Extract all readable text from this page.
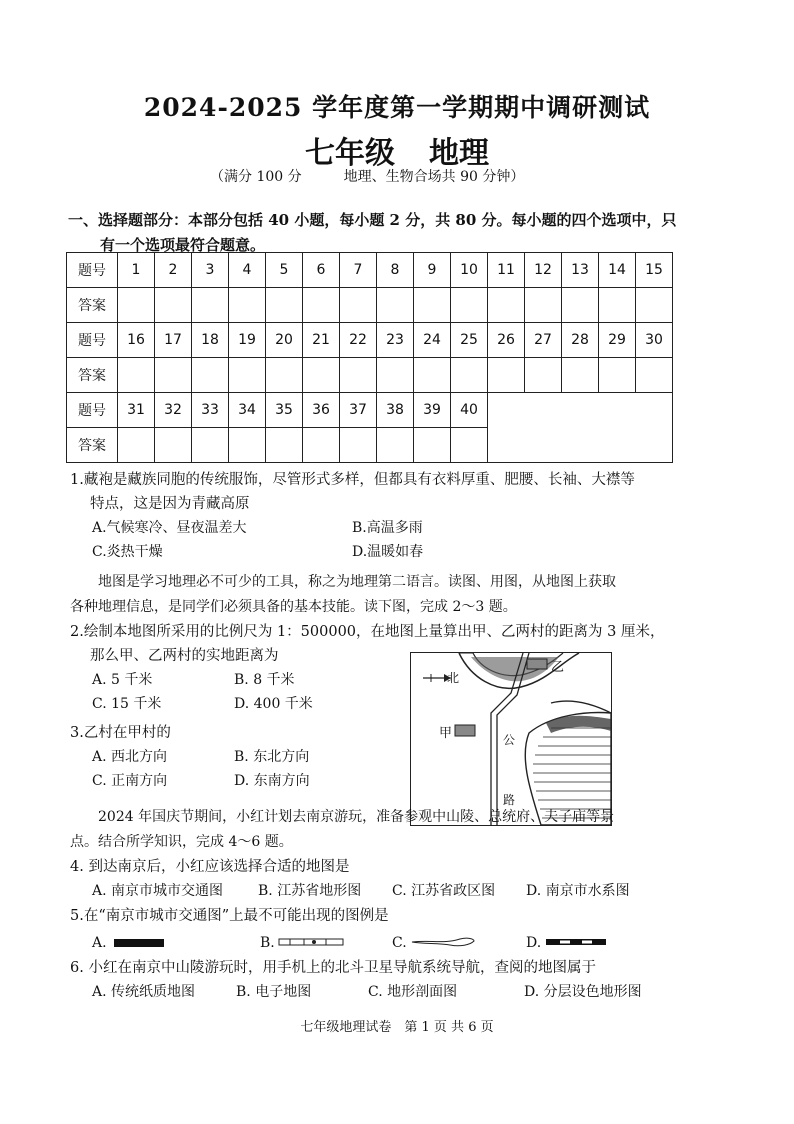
2024-2025 学年度第一学期期中调研测试
七年级 地理
（满分 100 分　　　地理、生物合场共 90 分钟）
一、选择题部分：本部分包括 40 小题，每小题 2 分，共 80 分。每小题的四个选项中，只
有一个选项最符合题意。
题号	1	2	3	4	5	6	7	8	9	10	11	12	13	14	15
答案															
题号	16	17	18	19	20	21	22	23	24	25	26	27	28	29	30
答案															
题号	31	32	33	34	35	36	37	38	39	40					
答案															
1.藏袍是藏族同胞的传统服饰，尽管形式多样，但都具有衣料厚重、肥腰、长袖、大襟等
特点，这是因为青藏高原
A.气候寒冷、昼夜温差大	B.高温多雨
C.炎热干燥	D.温暖如春
地图是学习地理必不可少的工具，称之为地理第二语言。读图、用图，从地图上获取
各种地理信息，是同学们必须具备的基本技能。读下图，完成 2～3 题。
2.绘制本地图所采用的比例尺为 1：500000，在地图上量算出甲、乙两村的距离为 3 厘米，
那么甲、乙两村的实地距离为
A. 5 千米	B. 8 千米
C. 15 千米	D. 400 千米
3.乙村在甲村的
A. 西北方向	B. 东北方向
C. 正南方向	D. 东南方向
北
乙
甲	公
路
2024 年国庆节期间，小红计划去南京游玩，准备参观中山陵、总统府、夫子庙等景
点。结合所学知识，完成 4～6 题。
4. 到达南京后，小红应该选择合适的地图是
A. 南京市城市交通图 B. 江苏省地形图 C. 江苏省政区图 D. 南京市水系图
5.在“南京市城市交通图”上最不可能出现的图例是
A.	B.	C.	D.
6. 小红在南京中山陵游玩时，用手机上的北斗卫星导航系统导航，查阅的地图属于
A. 传统纸质地图	B. 电子地图	C. 地形剖面图	D. 分层设色地形图
七年级地理试卷　第 1 页 共 6 页
